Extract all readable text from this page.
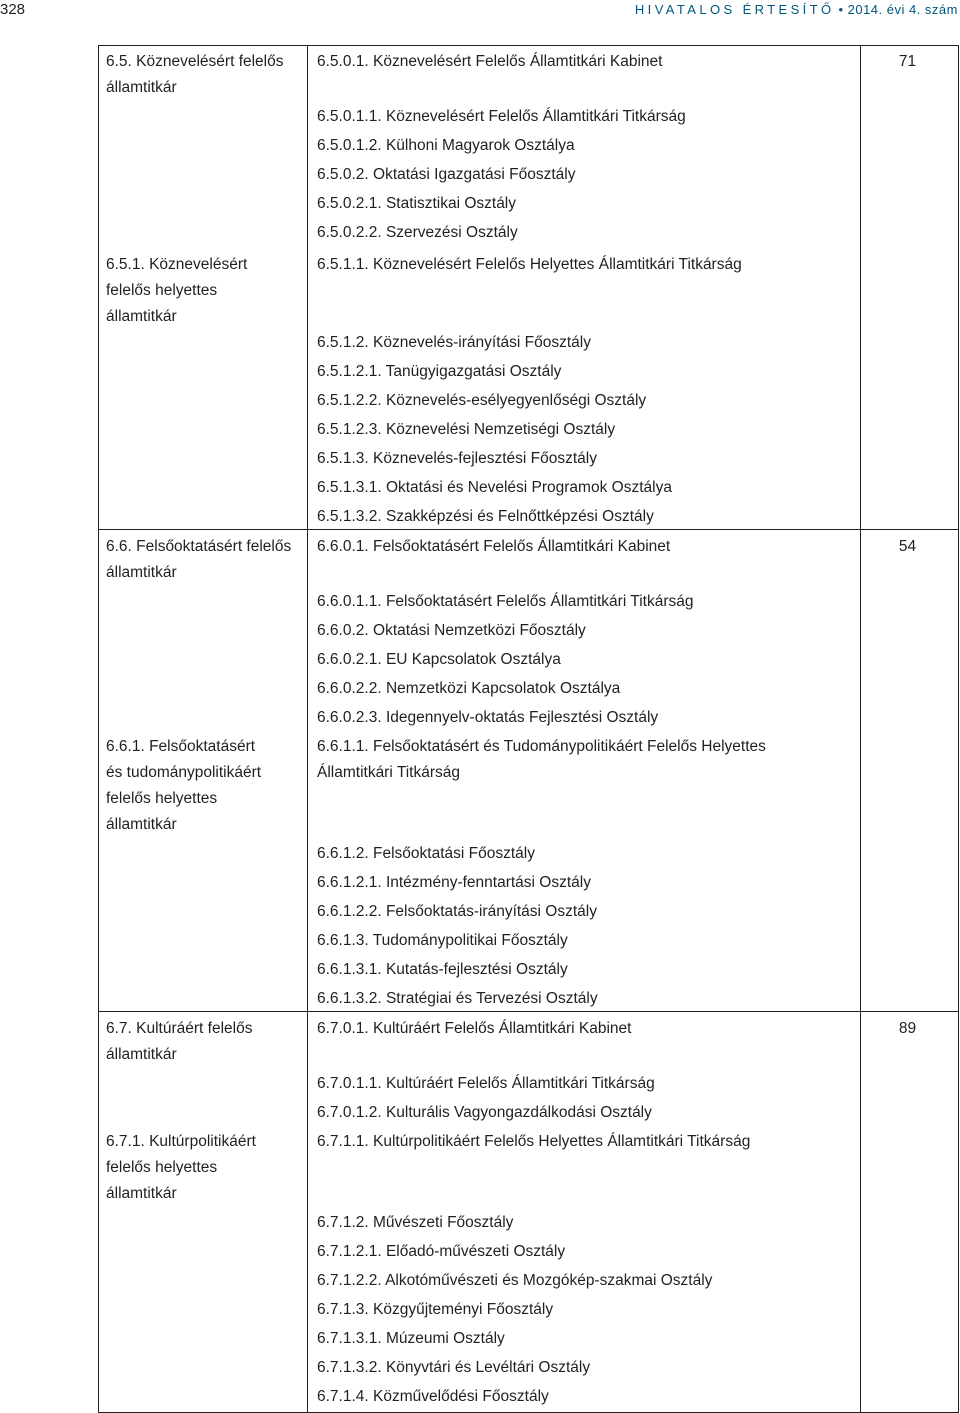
328	HIVATALOS ÉRTESÍTŐ • 2014. évi 4. szám
6.5. Köznevelésért felelős
államtitkár
6.5.1. Köznevelésért
felelős helyettes
államtitkár
71
6.5.0.1. Köznevelésért Felelős Államtitkári Kabinet
6.5.0.1.1. Köznevelésért Felelős Államtitkári Titkárság
6.5.0.1.2. Külhoni Magyarok Osztálya
6.5.0.2. Oktatási Igazgatási Főosztály
6.5.0.2.1. Statisztikai Osztály
6.5.0.2.2. Szervezési Osztály
6.5.1.1. Köznevelésért Felelős Helyettes Államtitkári Titkárság
6.5.1.2. Köznevelés-irányítási Főosztály
6.5.1.2.1. Tanügyigazgatási Osztály
6.5.1.2.2. Köznevelés-esélyegyenlőségi Osztály
6.5.1.2.3. Köznevelési Nemzetiségi Osztály
6.5.1.3. Köznevelés-fejlesztési Főosztály
6.5.1.3.1. Oktatási és Nevelési Programok Osztálya
6.5.1.3.2. Szakképzési és Felnőttképzési Osztály
6.6. Felsőoktatásért felelős
államtitkár
6.6.1. Felsőoktatásért
és tudománypolitikáért
felelős helyettes
államtitkár
54
6.6.0.1. Felsőoktatásért Felelős Államtitkári Kabinet
6.6.0.1.1. Felsőoktatásért Felelős Államtitkári Titkárság
6.6.0.2. Oktatási Nemzetközi Főosztály
6.6.0.2.1. EU Kapcsolatok Osztálya
6.6.0.2.2. Nemzetközi Kapcsolatok Osztálya
6.6.0.2.3. Idegennyelv-oktatás Fejlesztési Osztály
6.6.1.1. Felsőoktatásért és Tudománypolitikáért Felelős Helyettes
Államtitkári Titkárság
6.6.1.2. Felsőoktatási Főosztály
6.6.1.2.1. Intézmény-fenntartási Osztály
6.6.1.2.2. Felsőoktatás-irányítási Osztály
6.6.1.3. Tudománypolitikai Főosztály
6.6.1.3.1. Kutatás-fejlesztési Osztály
6.6.1.3.2. Stratégiai és Tervezési Osztály
6.7. Kultúráért felelős
államtitkár
6.7.1. Kultúrpolitikáért
felelős helyettes
államtitkár
89
6.7.0.1. Kultúráért Felelős Államtitkári Kabinet
6.7.0.1.1. Kultúráért Felelős Államtitkári Titkárság
6.7.0.1.2. Kulturális Vagyongazdálkodási Osztály
6.7.1.1. Kultúrpolitikáért Felelős Helyettes Államtitkári Titkárság
6.7.1.2. Művészeti Főosztály
6.7.1.2.1. Előadó-művészeti Osztály
6.7.1.2.2. Alkotóművészeti és Mozgókép-szakmai Osztály
6.7.1.3. Közgyűjteményi Főosztály
6.7.1.3.1. Múzeumi Osztály
6.7.1.3.2. Könyvtári és Levéltári Osztály
6.7.1.4. Közművelődési Főosztály
